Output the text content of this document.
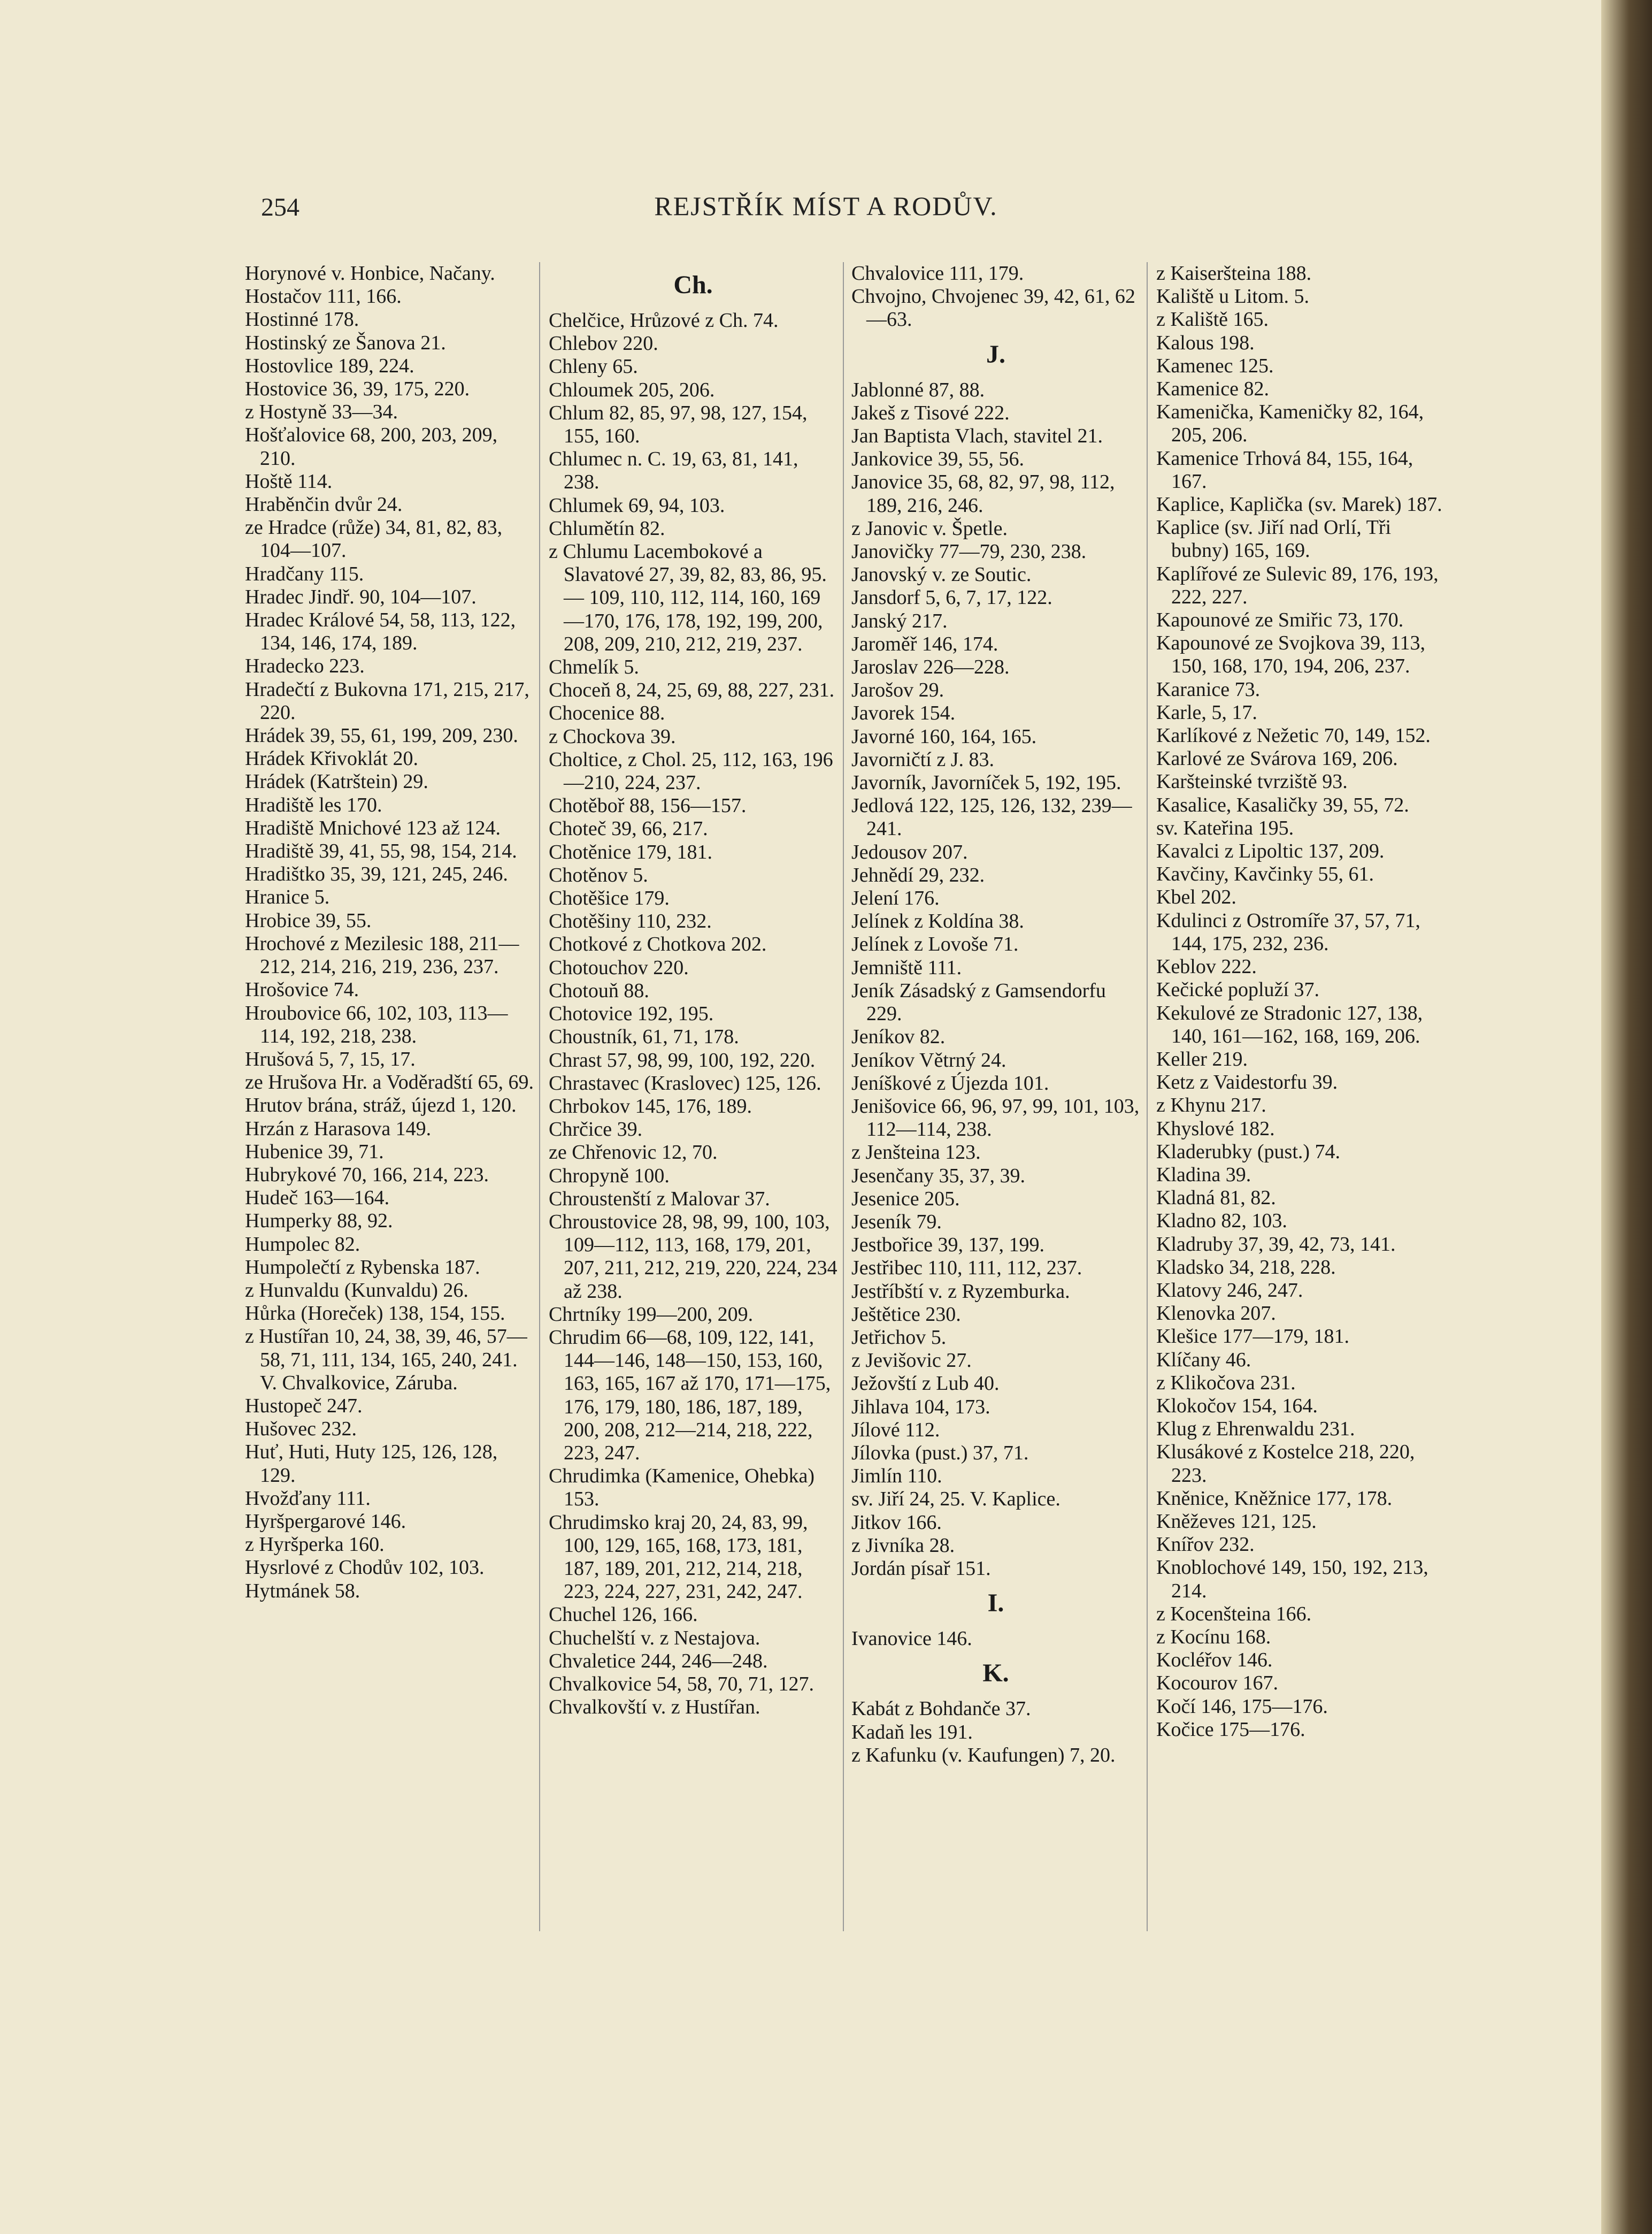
254	REJSTŘÍK MÍST A RODŮV.
Horynové v. Honbice, Načany.
Hostačov 111, 166.
Hostinné 178.
Hostinský ze Šanova 21.
Hostovlice 189, 224.
Hostovice 36, 39, 175, 220.
z Hostyně 33—34.
Hošťalovice 68, 200, 203, 209, 210.
Hoště 114.
Hraběnčin dvůr 24.
ze Hradce (růže) 34, 81, 82, 83, 104—107.
Hradčany 115.
Hradec Jindř. 90, 104—107.
Hradec Králové 54, 58, 113, 122, 134, 146, 174, 189.
Hradecko 223.
Hradečtí z Bukovna 171, 215, 217, 220.
Hrádek 39, 55, 61, 199, 209, 230.
Hrádek Křivoklát 20.
Hrádek (Katrštein) 29.
Hradiště les 170.
Hradiště Mnichové 123 až 124.
Hradiště 39, 41, 55, 98, 154, 214.
Hradištko 35, 39, 121, 245, 246.
Hranice 5.
Hrobice 39, 55.
Hrochové z Mezilesic 188, 211—212, 214, 216, 219, 236, 237.
Hrošovice 74.
Hroubovice 66, 102, 103, 113—114, 192, 218, 238.
Hrušová 5, 7, 15, 17.
ze Hrušova Hr. a Voděradští 65, 69.
Hrutov brána, stráž, újezd 1, 120.
Hrzán z Harasova 149.
Hubenice 39, 71.
Hubrykové 70, 166, 214, 223.
Hudeč 163—164.
Humperky 88, 92.
Humpolec 82.
Humpolečtí z Rybenska 187.
z Hunvaldu (Kunvaldu) 26.
Hůrka (Horeček) 138, 154, 155.
z Hustířan 10, 24, 38, 39, 46, 57—58, 71, 111, 134, 165, 240, 241. V. Chvalkovice, Záruba.
Hustopeč 247.
Hušovec 232.
Huť, Huti, Huty 125, 126, 128, 129.
Hvožďany 111.
Hyršpergarové 146.
z Hyršperka 160.
Hysrlové z Chodův 102, 103.
Hytmánek 58.
Ch.
Chelčice, Hrůzové z Ch. 74.
Chlebov 220.
Chleny 65.
Chloumek 205, 206.
Chlum 82, 85, 97, 98, 127, 154, 155, 160.
Chlumec n. C. 19, 63, 81, 141, 238.
Chlumek 69, 94, 103.
Chlumětín 82.
z Chlumu Lacembokové a Slavatové 27, 39, 82, 83, 86, 95. — 109, 110, 112, 114, 160, 169—170, 176, 178, 192, 199, 200, 208, 209, 210, 212, 219, 237.
Chmelík 5.
Choceň 8, 24, 25, 69, 88, 227, 231.
Chocenice 88.
z Chockova 39.
Choltice, z Chol. 25, 112, 163, 196—210, 224, 237.
Chotěboř 88, 156—157.
Choteč 39, 66, 217.
Chotěnice 179, 181.
Chotěnov 5.
Chotěšice 179.
Chotěšiny 110, 232.
Chotkové z Chotkova 202.
Chotouchov 220.
Chotouň 88.
Chotovice 192, 195.
Choustník, 61, 71, 178.
Chrast 57, 98, 99, 100, 192, 220.
Chrastavec (Kraslovec) 125, 126.
Chrbokov 145, 176, 189.
Chrčice 39.
ze Chřenovic 12, 70.
Chropyně 100.
Chroustenští z Malovar 37.
Chroustovice 28, 98, 99, 100, 103, 109—112, 113, 168, 179, 201, 207, 211, 212, 219, 220, 224, 234 až 238.
Chrtníky 199—200, 209.
Chrudim 66—68, 109, 122, 141, 144—146, 148—150, 153, 160, 163, 165, 167 až 170, 171—175, 176, 179, 180, 186, 187, 189, 200, 208, 212—214, 218, 222, 223, 247.
Chrudimka (Kamenice, Ohebka) 153.
Chrudimsko kraj 20, 24, 83, 99, 100, 129, 165, 168, 173, 181, 187, 189, 201, 212, 214, 218, 223, 224, 227, 231, 242, 247.
Chuchel 126, 166.
Chuchelští v. z Nestajova.
Chvaletice 244, 246—248.
Chvalkovice 54, 58, 70, 71, 127.
Chvalkovští v. z Hustířan.
Chvalovice 111, 179.
Chvojno, Chvojenec 39, 42, 61, 62—63.
J.
Jablonné 87, 88.
Jakeš z Tisové 222.
Jan Baptista Vlach, stavitel 21.
Jankovice 39, 55, 56.
Janovice 35, 68, 82, 97, 98, 112, 189, 216, 246.
z Janovic v. Špetle.
Janovičky 77—79, 230, 238.
Janovský v. ze Soutic.
Jansdorf 5, 6, 7, 17, 122.
Janský 217.
Jaroměř 146, 174.
Jaroslav 226—228.
Jarošov 29.
Javorek 154.
Javorné 160, 164, 165.
Javorničtí z J. 83.
Javorník, Javorníček 5, 192, 195.
Jedlová 122, 125, 126, 132, 239—241.
Jedousov 207.
Jehnědí 29, 232.
Jelení 176.
Jelínek z Koldína 38.
Jelínek z Lovoše 71.
Jemniště 111.
Jeník Zásadský z Gamsendorfu 229.
Jeníkov 82.
Jeníkov Větrný 24.
Jeníškové z Újezda 101.
Jenišovice 66, 96, 97, 99, 101, 103, 112—114, 238.
z Jenšteina 123.
Jesenčany 35, 37, 39.
Jesenice 205.
Jeseník 79.
Jestbořice 39, 137, 199.
Jestřibec 110, 111, 112, 237.
Jestříbští v. z Ryzemburka.
Ještětice 230.
Jetřichov 5.
z Jevišovic 27.
Ježovští z Lub 40.
Jihlava 104, 173.
Jílové 112.
Jílovka (pust.) 37, 71.
Jimlín 110.
sv. Jiří 24, 25. V. Kaplice.
Jitkov 166.
z Jivníka 28.
Jordán písař 151.
I.
Ivanovice 146.
K.
Kabát z Bohdanče 37.
Kadaň les 191.
z Kafunku (v. Kaufungen) 7, 20.
z Kaiseršteina 188.
Kaliště u Litom. 5.
z Kaliště 165.
Kalous 198.
Kamenec 125.
Kamenice 82.
Kamenička, Kameničky 82, 164, 205, 206.
Kamenice Trhová 84, 155, 164, 167.
Kaplice, Kaplička (sv. Marek) 187.
Kaplice (sv. Jiří nad Orlí, Tři bubny) 165, 169.
Kaplířové ze Sulevic 89, 176, 193, 222, 227.
Kapounové ze Smiřic 73, 170.
Kapounové ze Svojkova 39, 113, 150, 168, 170, 194, 206, 237.
Karanice 73.
Karle, 5, 17.
Karlíkové z Nežetic 70, 149, 152.
Karlové ze Svárova 169, 206.
Karšteinské tvrziště 93.
Kasalice, Kasaličky 39, 55, 72.
sv. Kateřina 195.
Kavalci z Lipoltic 137, 209.
Kavčiny, Kavčinky 55, 61.
Kbel 202.
Kdulinci z Ostromíře 37, 57, 71, 144, 175, 232, 236.
Keblov 222.
Kečické popluží 37.
Kekulové ze Stradonic 127, 138, 140, 161—162, 168, 169, 206.
Keller 219.
Ketz z Vaidestorfu 39.
z Khynu 217.
Khyslové 182.
Kladerubky (pust.) 74.
Kladina 39.
Kladná 81, 82.
Kladno 82, 103.
Kladruby 37, 39, 42, 73, 141.
Kladsko 34, 218, 228.
Klatovy 246, 247.
Klenovka 207.
Klešice 177—179, 181.
Klíčany 46.
z Klikočova 231.
Klokočov 154, 164.
Klug z Ehrenwaldu 231.
Klusákové z Kostelce 218, 220, 223.
Kněnice, Kněžnice 177, 178.
Kněževes 121, 125.
Knířov 232.
Knoblochové 149, 150, 192, 213, 214.
z Kocenšteina 166.
z Kocínu 168.
Kocléřov 146.
Kocourov 167.
Kočí 146, 175—176.
Kočice 175—176.
